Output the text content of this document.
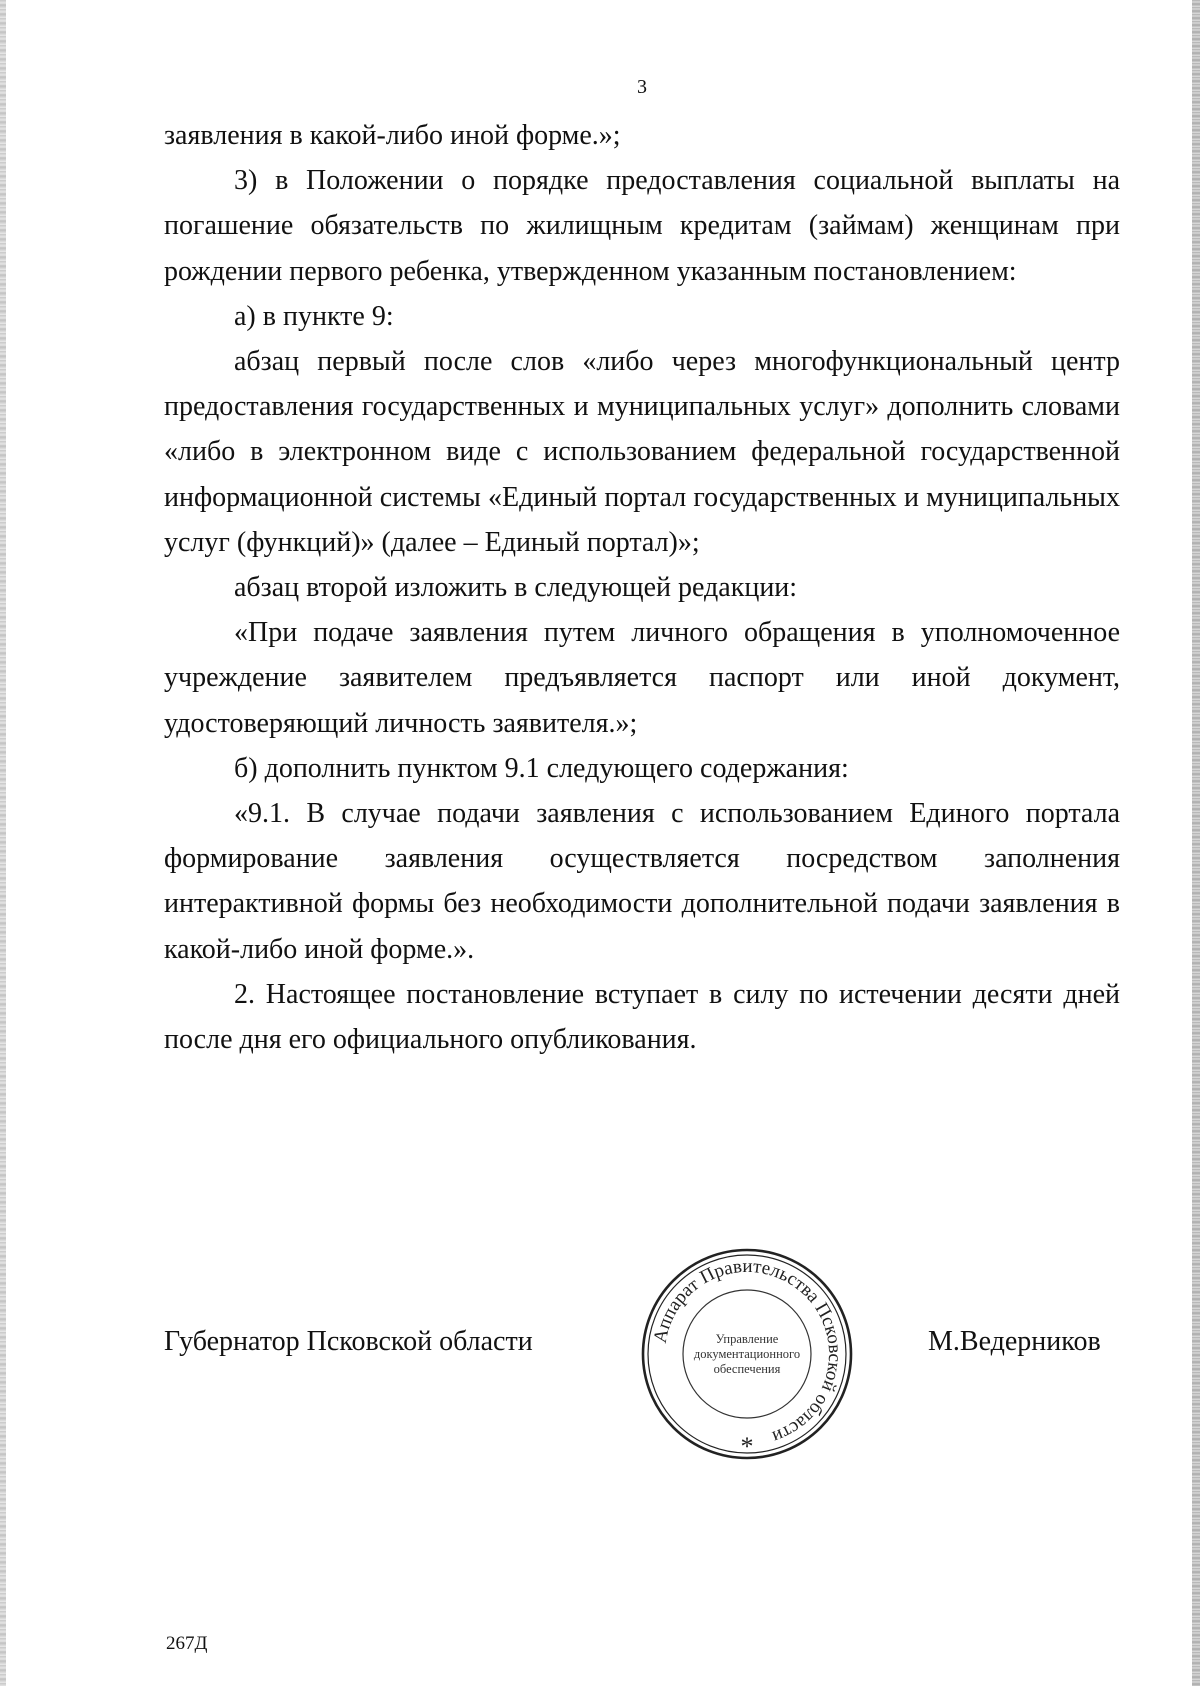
3

заявления в какой-либо иной форме.»;

3) в Положении о порядке предоставления социальной выплаты на погашение обязательств по жилищным кредитам (займам) женщинам при рождении первого ребенка, утвержденном указанным постановлением:

а) в пункте 9:

абзац первый после слов «либо через многофункциональный центр предоставления государственных и муниципальных услуг» дополнить словами «либо в электронном виде с использованием федеральной государственной информационной системы «Единый портал государственных и муниципальных услуг (функций)» (далее – Единый портал)»;

абзац второй изложить в следующей редакции:

«При подаче заявления путем личного обращения в уполномоченное учреждение заявителем предъявляется паспорт или иной документ, удостоверяющий личность заявителя.»;

б) дополнить пунктом 9.1 следующего содержания:

«9.1. В случае подачи заявления с использованием Единого портала формирование заявления осуществляется посредством заполнения интерактивной формы без необходимости дополнительной подачи заявления в какой-либо иной форме.».

2. Настоящее постановление вступает в силу по истечении десяти дней после дня его официального опубликования.

Губернатор Псковской области	Аппарат Правительства Псковской области
Управление
документационного
обеспечения
*
М.Ведерников
267Д
